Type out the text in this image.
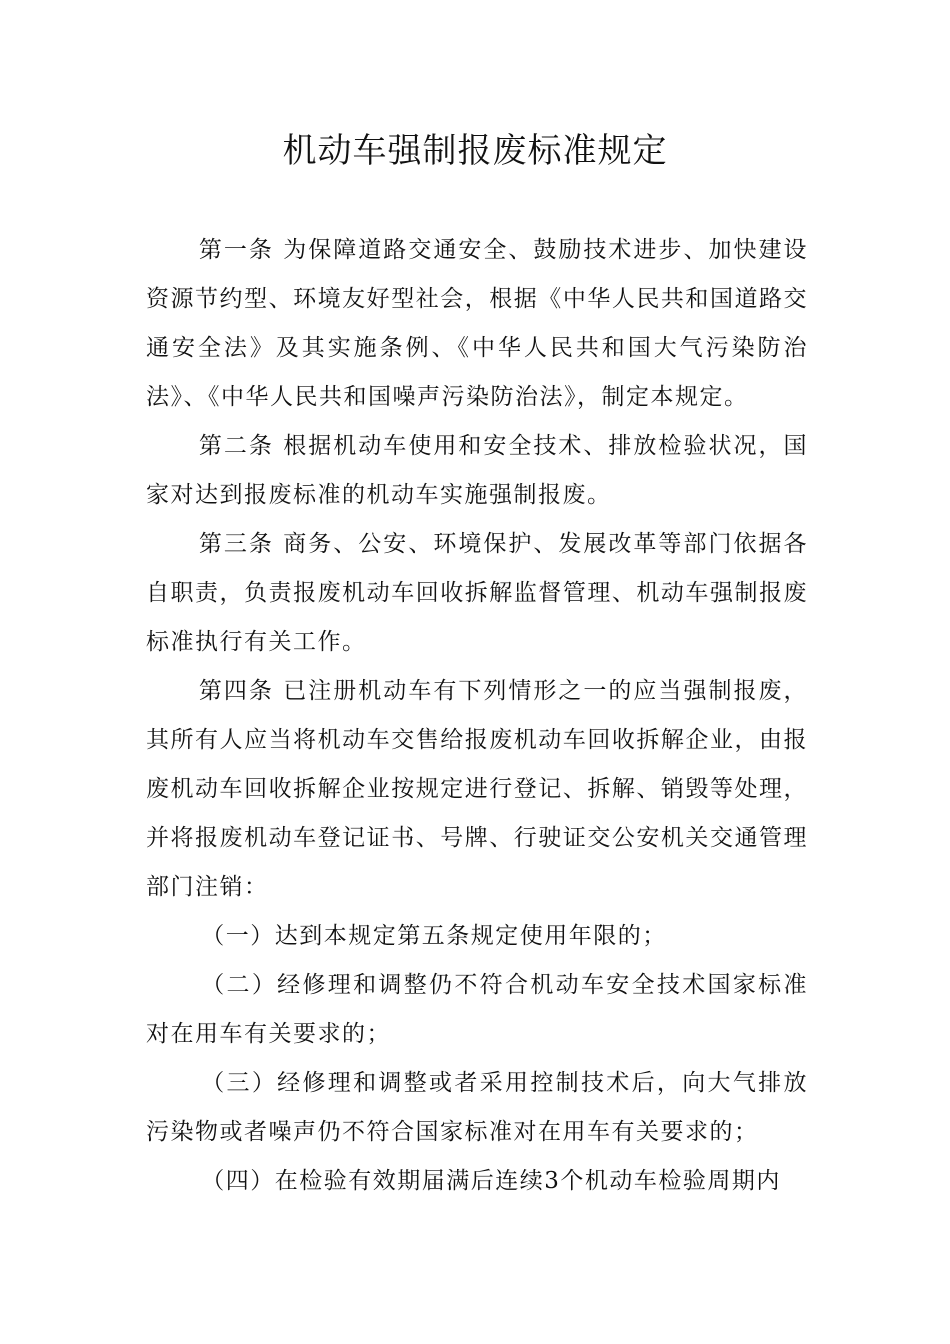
机动车强制报废标准规定

第一条 为保障道路交通安全、鼓励技术进步、加快建设资源节约型、环境友好型社会，根据《中华人民共和国道路交通安全法》及其实施条例、《中华人民共和国大气污染防治法》、《中华人民共和国噪声污染防治法》，制定本规定。

第二条 根据机动车使用和安全技术、排放检验状况，国家对达到报废标准的机动车实施强制报废。

第三条 商务、公安、环境保护、发展改革等部门依据各自职责，负责报废机动车回收拆解监督管理、机动车强制报废标准执行有关工作。

第四条 已注册机动车有下列情形之一的应当强制报废，其所有人应当将机动车交售给报废机动车回收拆解企业，由报废机动车回收拆解企业按规定进行登记、拆解、销毁等处理，并将报废机动车登记证书、号牌、行驶证交公安机关交通管理部门注销：

（一）达到本规定第五条规定使用年限的；

（二）经修理和调整仍不符合机动车安全技术国家标准对在用车有关要求的；

（三）经修理和调整或者采用控制技术后，向大气排放污染物或者噪声仍不符合国家标准对在用车有关要求的；

（四）在检验有效期届满后连续3个机动车检验周期内
